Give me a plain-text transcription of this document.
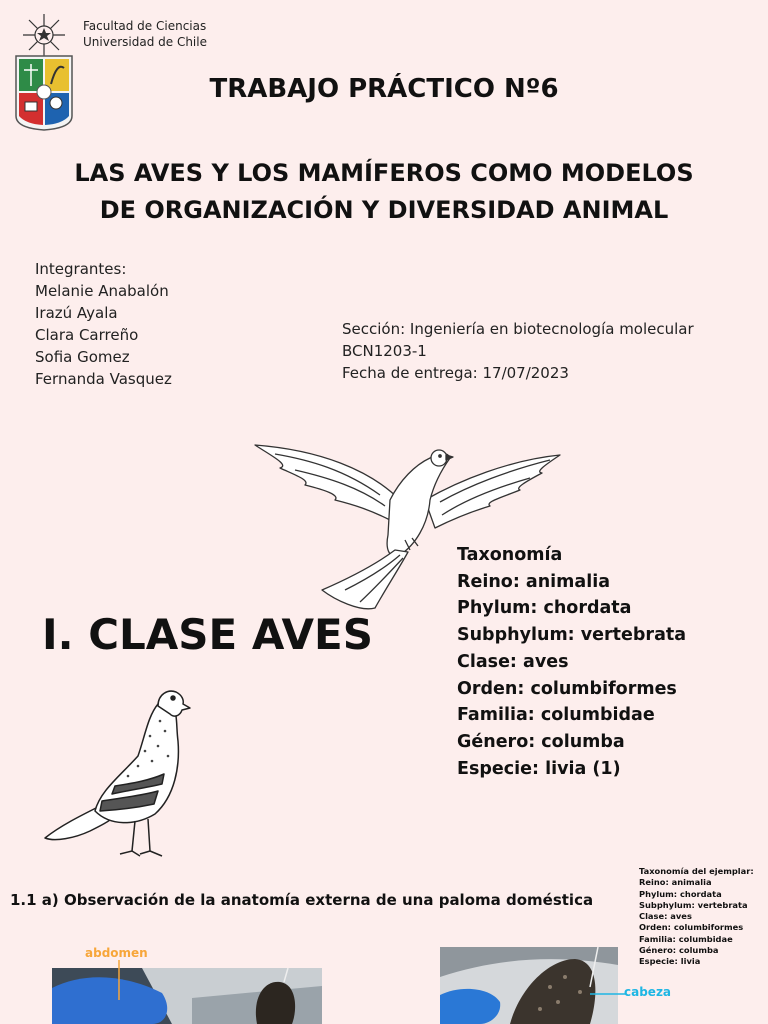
Facultad de Ciencias
Universidad de Chile
TRABAJO PRÁCTICO Nº6
LAS AVES Y LOS MAMÍFEROS COMO MODELOS
DE ORGANIZACIÓN Y DIVERSIDAD ANIMAL
Integrantes:
Melanie Anabalón
Irazú Ayala
Clara Carreño
Sofia Gomez
Fernanda Vasquez
Sección: Ingeniería en biotecnología molecular
BCN1203-1
Fecha de entrega: 17/07/2023
I. CLASE AVES
Taxonomía
Reino: animalia
Phylum: chordata
Subphylum: vertebrata
Clase: aves
Orden: columbiformes
Familia: columbidae
Género: columba
Especie: livia (1)
Taxonomía del ejemplar:
Reino: animalia
Phylum: chordata
Subphylum: vertebrata
Clase: aves
Orden: columbiformes
Familia: columbidae
Género: columba
Especie: livia
1.1 a) Observación de la anatomía externa de una paloma doméstica
abdomen
cabeza
